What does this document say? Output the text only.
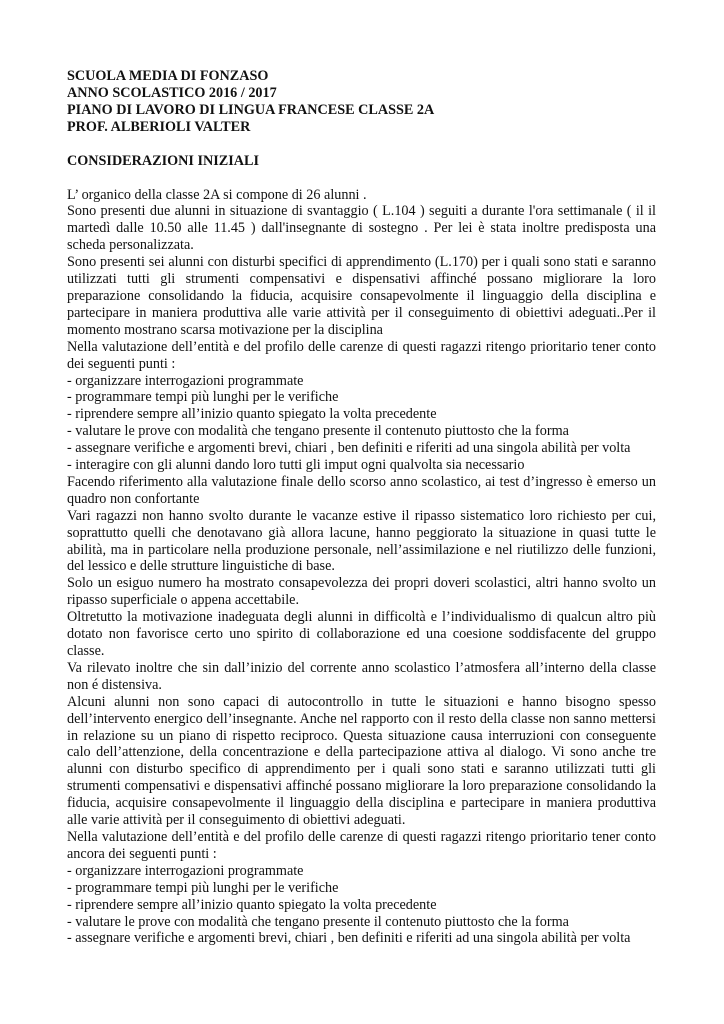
SCUOLA MEDIA DI FONZASO
ANNO SCOLASTICO 2016 / 2017
PIANO DI LAVORO DI LINGUA FRANCESE CLASSE 2A
PROF. ALBERIOLI VALTER
CONSIDERAZIONI INIZIALI

L’ organico della classe 2A si compone di 26 alunni .

Sono presenti due alunni in situazione di svantaggio ( L.104 ) seguiti a durante l'ora settimanale ( il il martedì dalle 10.50 alle 11.45 ) dall'insegnante di sostegno . Per lei è stata inoltre predisposta una scheda personalizzata.

Sono presenti sei alunni con disturbi specifici di apprendimento (L.170) per i quali sono stati e saranno utilizzati tutti gli strumenti compensativi e dispensativi affinché possano migliorare la loro preparazione consolidando la fiducia, acquisire consapevolmente il linguaggio della disciplina e partecipare in maniera produttiva alle varie attività per il conseguimento di obiettivi adeguati..Per il momento mostrano scarsa motivazione per la disciplina

Nella valutazione dell’entità e del profilo delle carenze di questi ragazzi ritengo prioritario tener conto dei seguenti punti :

- organizzare interrogazioni programmate

- programmare tempi più lunghi per le verifiche

- riprendere sempre all’inizio quanto spiegato la volta precedente

- valutare le prove con modalità che tengano presente il contenuto piuttosto che la forma

- assegnare verifiche e argomenti brevi, chiari , ben definiti e riferiti ad una singola abilità per volta

- interagire con gli alunni dando loro tutti gli imput ogni qualvolta sia necessario

Facendo riferimento alla valutazione finale dello scorso anno scolastico, ai test d’ingresso è emerso un quadro non confortante

Vari ragazzi non hanno svolto durante le vacanze estive il ripasso sistematico loro richiesto per cui, soprattutto quelli che denotavano già allora lacune, hanno peggiorato la situazione in quasi tutte le abilità, ma in particolare nella produzione personale, nell’assimilazione e nel riutilizzo delle funzioni, del lessico e delle strutture linguistiche di base.

Solo un esiguo numero ha mostrato consapevolezza dei propri doveri scolastici, altri hanno svolto un ripasso superficiale o appena accettabile.

Oltretutto la motivazione inadeguata degli alunni in difficoltà e l’individualismo di qualcun altro più dotato non favorisce certo uno spirito di collaborazione ed una coesione soddisfacente del gruppo classe.

Va rilevato inoltre che sin dall’inizio del corrente anno scolastico l’atmosfera all’interno della classe non é distensiva.

Alcuni alunni non sono capaci di autocontrollo in tutte le situazioni e hanno bisogno spesso dell’intervento energico dell’insegnante. Anche nel rapporto con il resto della classe non sanno mettersi in relazione su un piano di rispetto reciproco. Questa situazione causa interruzioni con conseguente calo dell’attenzione, della concentrazione e della partecipazione attiva al dialogo. Vi sono anche tre alunni con disturbo specifico di apprendimento per i quali sono stati e saranno utilizzati tutti gli strumenti compensativi e dispensativi affinché possano migliorare la loro preparazione consolidando la fiducia, acquisire consapevolmente il linguaggio della disciplina e partecipare in maniera produttiva alle varie attività per il conseguimento di obiettivi adeguati.

Nella valutazione dell’entità e del profilo delle carenze di questi ragazzi ritengo prioritario tener conto ancora dei seguenti punti :

- organizzare interrogazioni programmate

- programmare tempi più lunghi per le verifiche

- riprendere sempre all’inizio quanto spiegato la volta precedente

- valutare le prove con modalità che tengano presente il contenuto piuttosto che la forma

- assegnare verifiche e argomenti brevi, chiari , ben definiti e riferiti ad una singola abilità per volta
